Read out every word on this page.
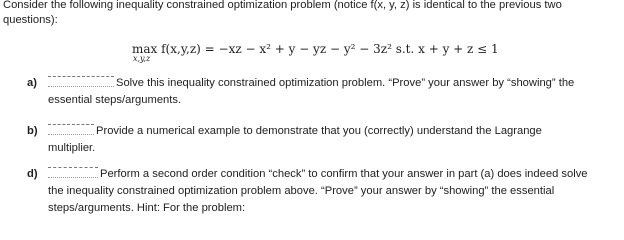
Consider the following inequality constrained optimization problem (notice f(x, y, z) is identical to the previous two
questions):
max f(x,y,z) = −xz − x² + y − yz − y² − 3z² s.t. x + y + z ≤ 1
x,y,z
a)	Solve this inequality constrained optimization problem. “Prove” your answer by “showing” the
essential steps/arguments.
b)	Provide a numerical example to demonstrate that you (correctly) understand the Lagrange
multiplier.
d)	Perform a second order condition “check” to confirm that your answer in part (a) does indeed solve
the inequality constrained optimization problem above. “Prove” your answer by “showing” the essential
steps/arguments. Hint: For the problem:
